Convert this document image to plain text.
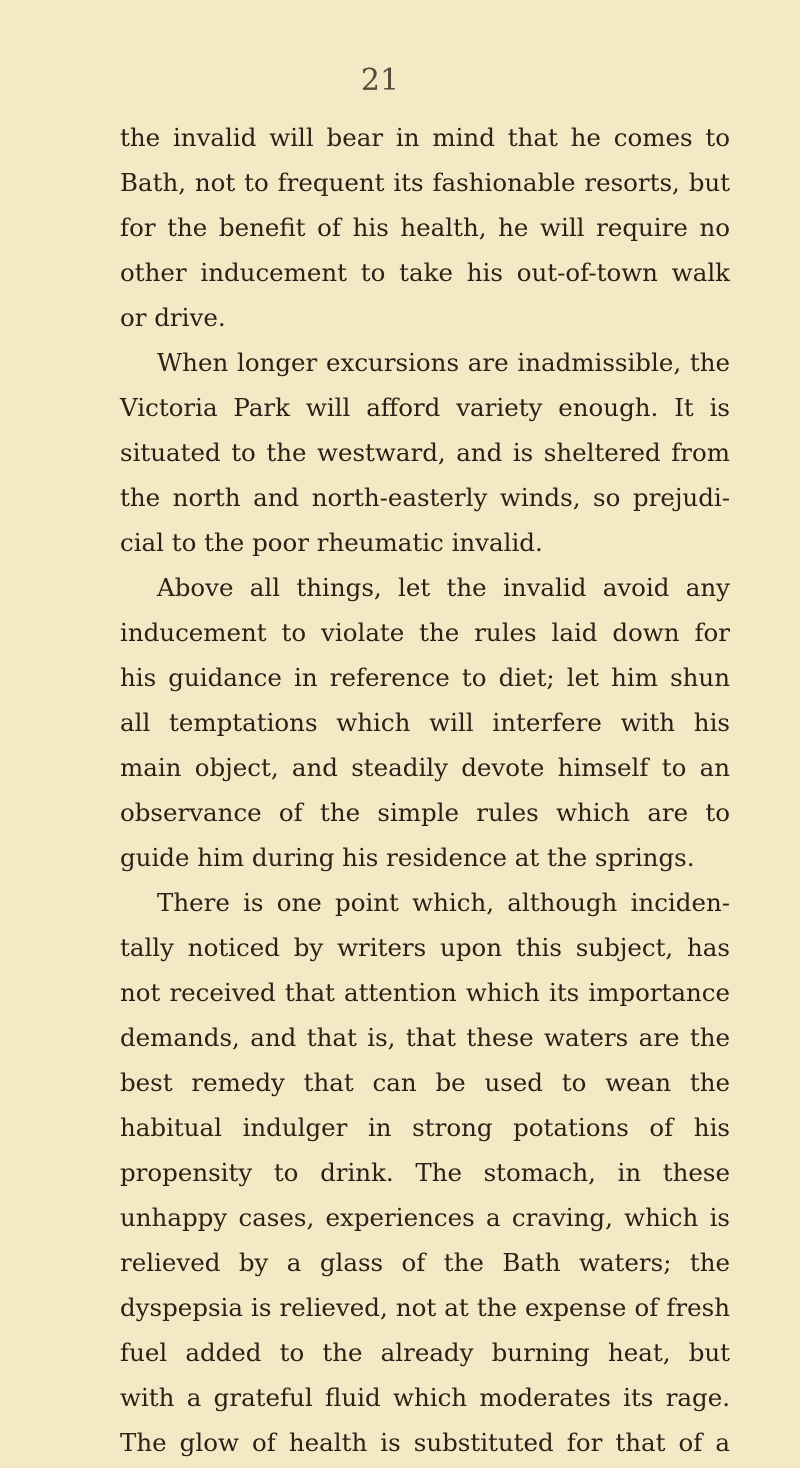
21
the invalid will bear in mind that he comes to
Bath, not to frequent its fashionable resorts, but
for the benefit of his health, he will require no
other inducement to take his out-of-town walk
or drive.
When longer excursions are inadmissible, the
Victoria Park will afford variety enough. It is
situated to the westward, and is sheltered from
the north and north-easterly winds, so prejudi-
cial to the poor rheumatic invalid.
Above all things, let the invalid avoid any
inducement to violate the rules laid down for
his guidance in reference to diet; let him shun
all temptations which will interfere with his
main object, and steadily devote himself to an
observance of the simple rules which are to
guide him during his residence at the springs.
There is one point which, although inciden-
tally noticed by writers upon this subject, has
not received that attention which its importance
demands, and that is, that these waters are the
best remedy that can be used to wean the
habitual indulger in strong potations of his
propensity to drink. The stomach, in these
unhappy cases, experiences a craving, which is
relieved by a glass of the Bath waters; the
dyspepsia is relieved, not at the expense of fresh
fuel added to the already burning heat, but
with a grateful fluid which moderates its rage.
The glow of health is substituted for that of a
